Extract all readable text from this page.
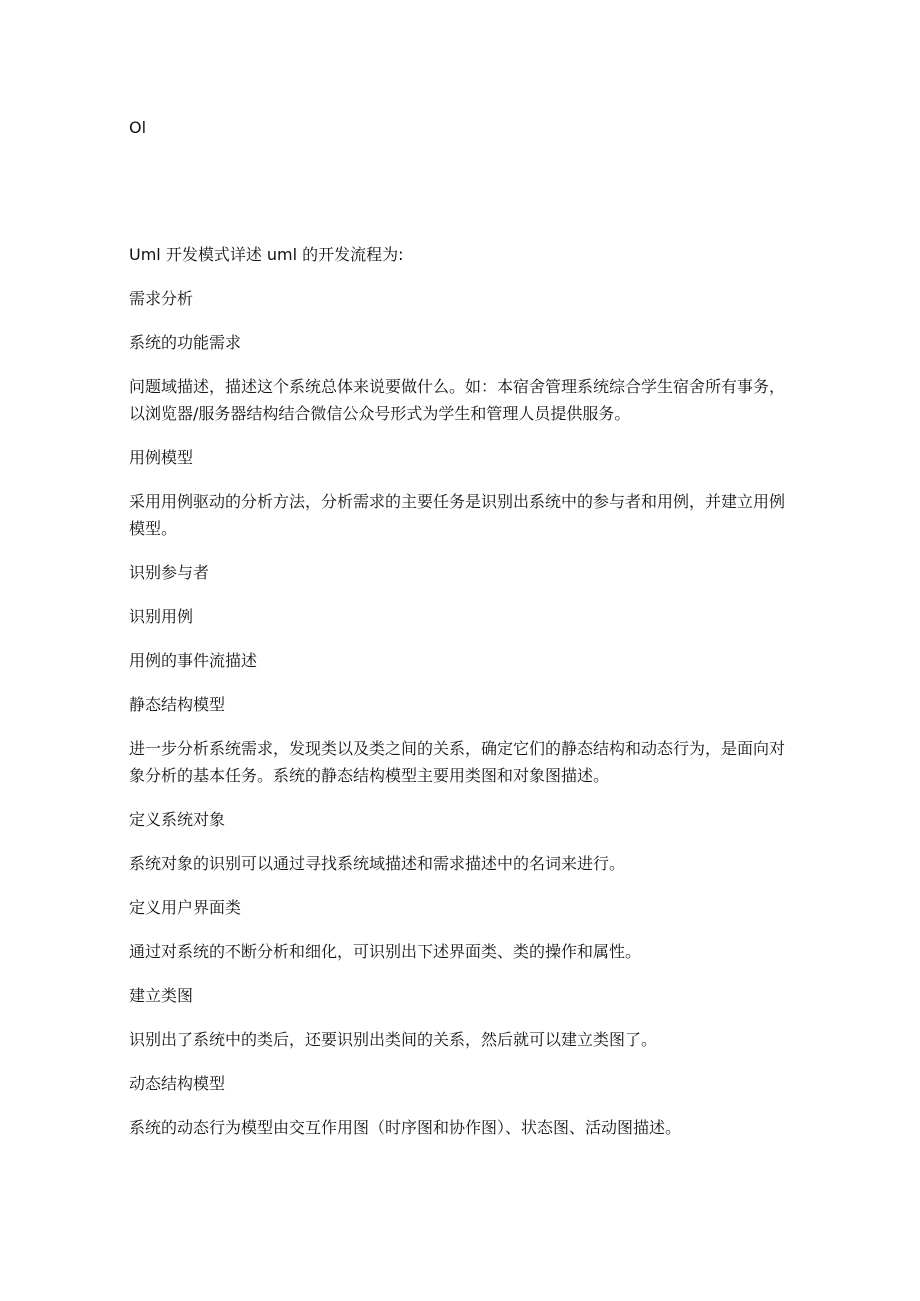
Ol

Uml 开发模式详述 uml 的开发流程为:

需求分析

系统的功能需求

问题域描述，描述这个系统总体来说要做什么。如：本宿舍管理系统综合学生宿舍所有事务，以浏览器/服务器结构结合微信公众号形式为学生和管理人员提供服务。

用例模型

采用用例驱动的分析方法，分析需求的主要任务是识别出系统中的参与者和用例，并建立用例模型。

识别参与者

识别用例

用例的事件流描述

静态结构模型

进一步分析系统需求，发现类以及类之间的关系，确定它们的静态结构和动态行为，是面向对象分析的基本任务。系统的静态结构模型主要用类图和对象图描述。

定义系统对象

系统对象的识别可以通过寻找系统域描述和需求描述中的名词来进行。

定义用户界面类

通过对系统的不断分析和细化，可识别出下述界面类、类的操作和属性。

建立类图

识别出了系统中的类后，还要识别出类间的关系，然后就可以建立类图了。

动态结构模型

系统的动态行为模型由交互作用图（时序图和协作图）、状态图、活动图描述。
